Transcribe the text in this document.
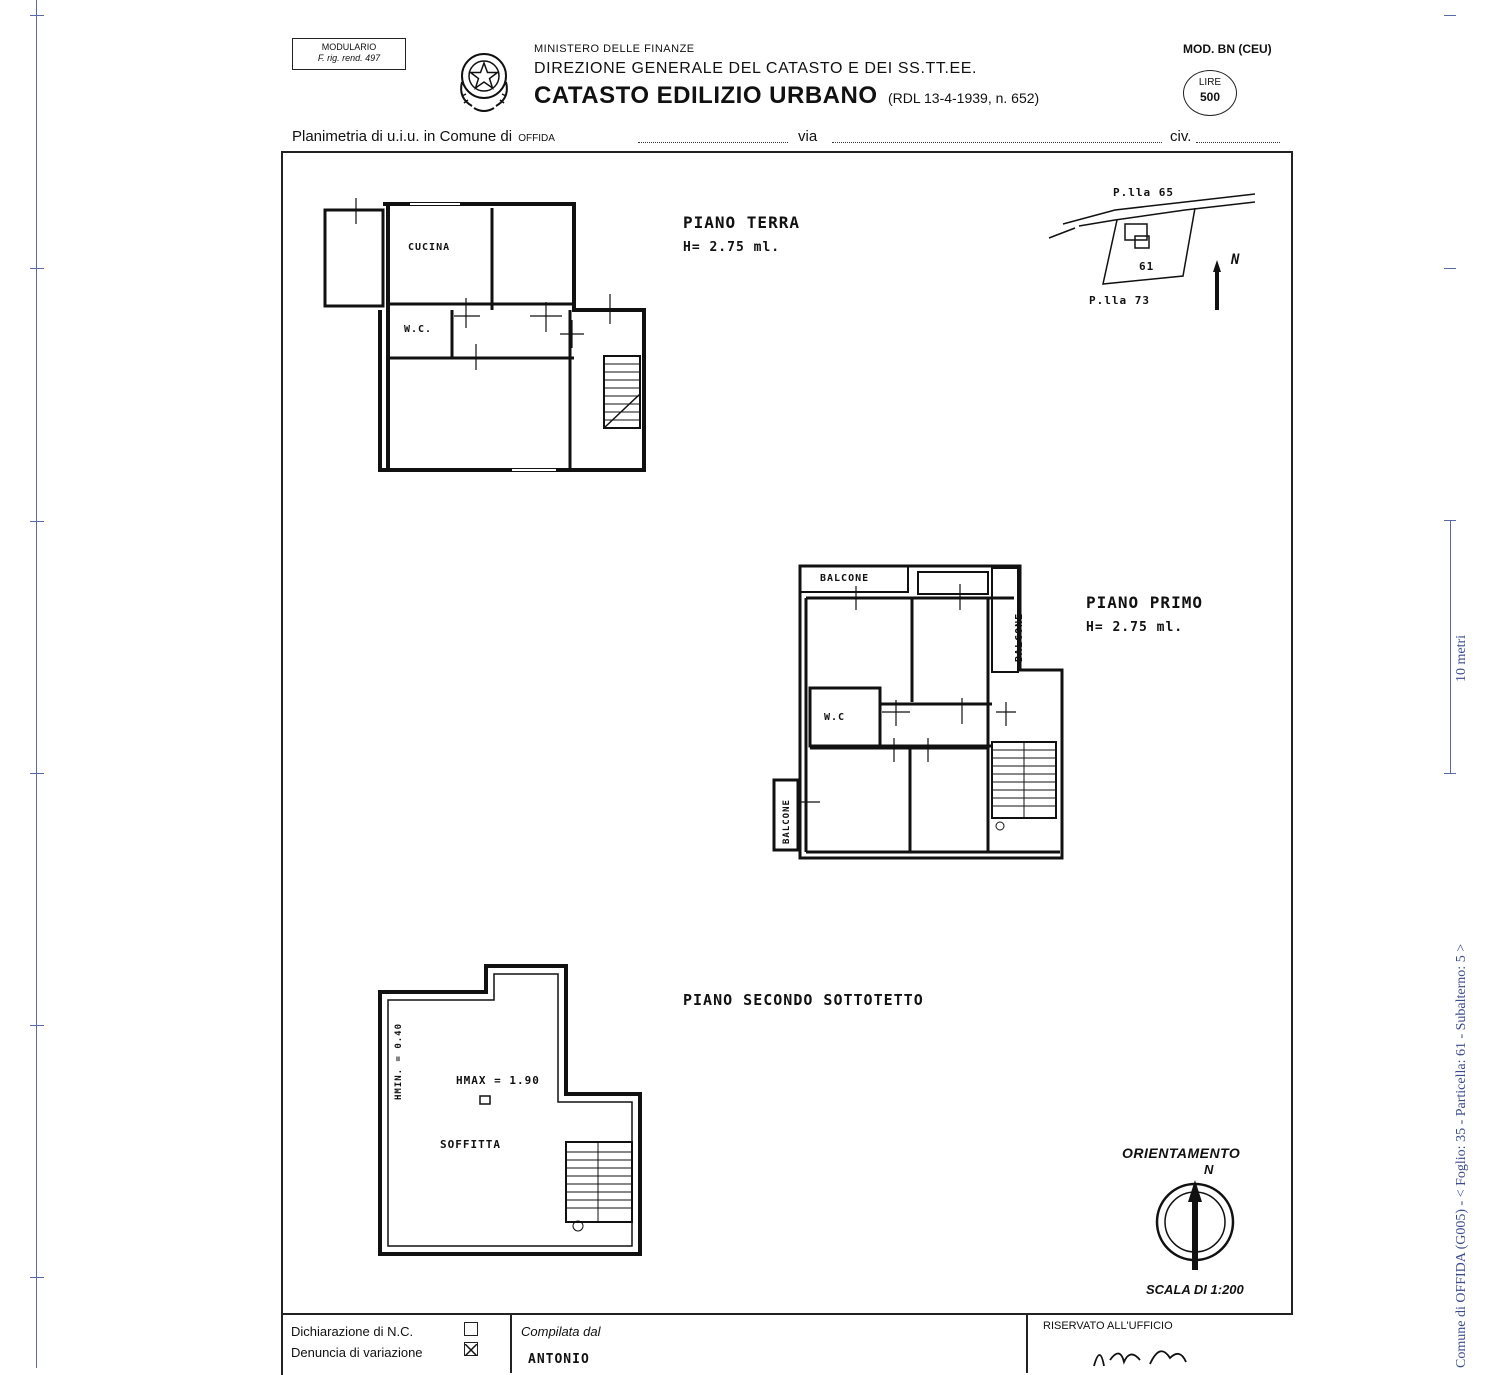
MODULARIO
F. rig. rend. 497
MINISTERO DELLE FINANZE
DIREZIONE GENERALE DEL CATASTO E DEI SS.TT.EE.
CATASTO EDILIZIO URBANO (RDL 13-4-1939, n. 652)
MOD. BN (CEU)
LIRE
500
Planimetria di u.i.u. in Comune di OFFIDA	via	civ.
PIANO TERRA
H= 2.75 ml.
PIANO PRIMO
H= 2.75 ml.
PIANO SECONDO SOTTOTETTO
CUCINA
W.C.
P.lla 65
61
P.lla 73
N
BALCONE
BALCONE
W.C
BALCONE
HMIN. = 0.40	HMAX = 1.90
SOFFITTA
ORIENTAMENTO
N
SCALA DI 1:200
Dichiarazione di N.C.
Denuncia di variazione
Compilata dal
ANTONIO
RISERVATO ALL'UFFICIO
10 metri
Comune di OFFIDA (G005) - < Foglio: 35 - Particella: 61 - Subalterno: 5 >
